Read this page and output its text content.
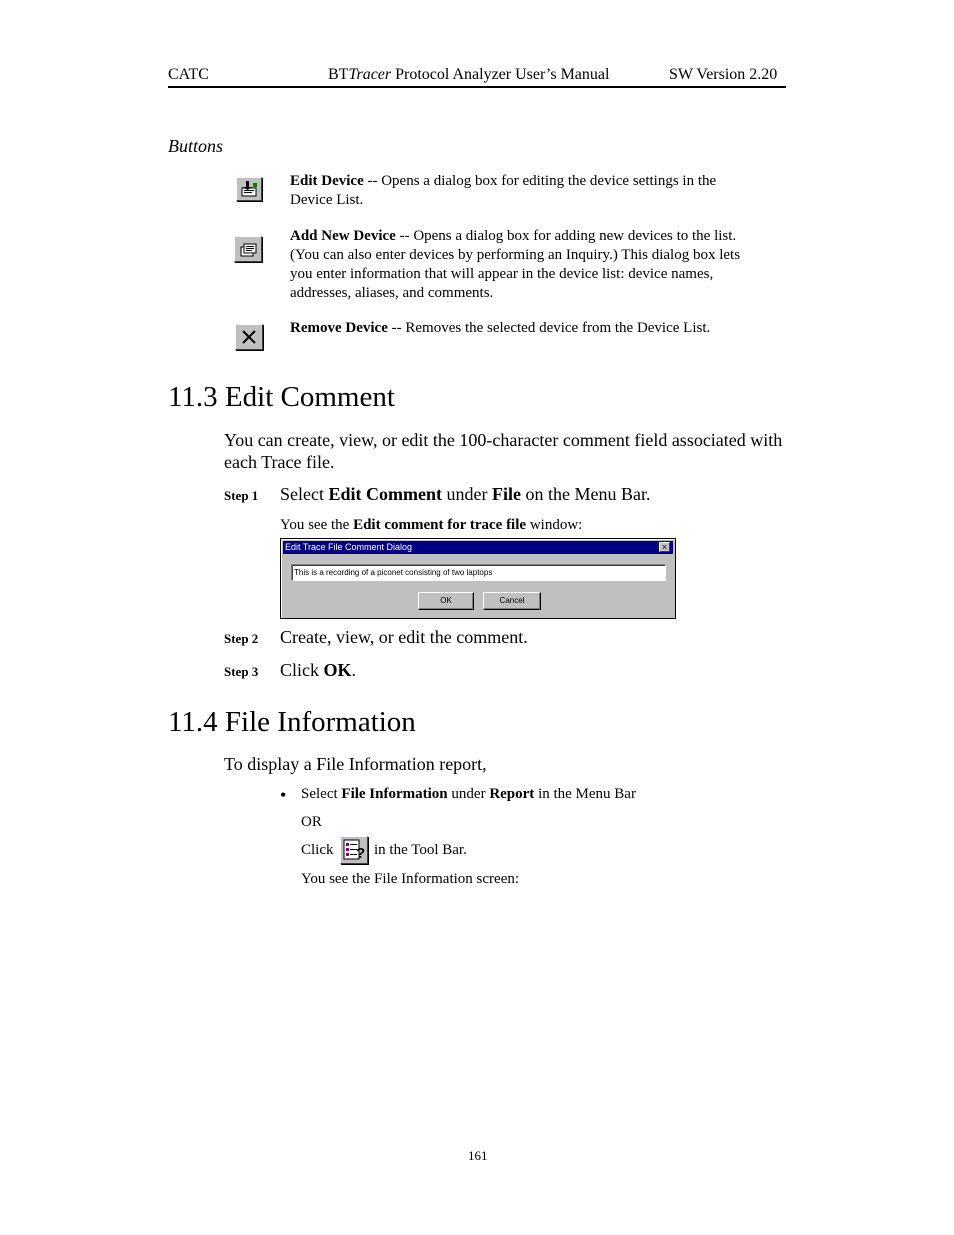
CATC	BTTracer Protocol Analyzer User’s Manual	SW Version 2.20
Buttons
Edit Device -- Opens a dialog box for editing the device settings in the Device List.
Add New Device -- Opens a dialog box for adding new devices to the list. (You can also enter devices by performing an Inquiry.) This dialog box lets you enter information that will appear in the device list: device names, addresses, aliases, and comments.
Remove Device -- Removes the selected device from the Device List.
11.3 Edit Comment
You can create, view, or edit the 100-character comment field associated with each Trace file.
Step 1 Select Edit Comment under File on the Menu Bar.
You see the Edit comment for trace file window:
Edit Trace File Comment Dialog	×
This is a recording of a piconet consisting of two laptops
OK	Cancel
Step 2 Create, view, or edit the comment.
Step 3 Click OK.
11.4 File Information
To display a File Information report,
• Select File Information under Report in the Menu Bar
OR
Click ? in the Tool Bar.
You see the File Information screen:
161
